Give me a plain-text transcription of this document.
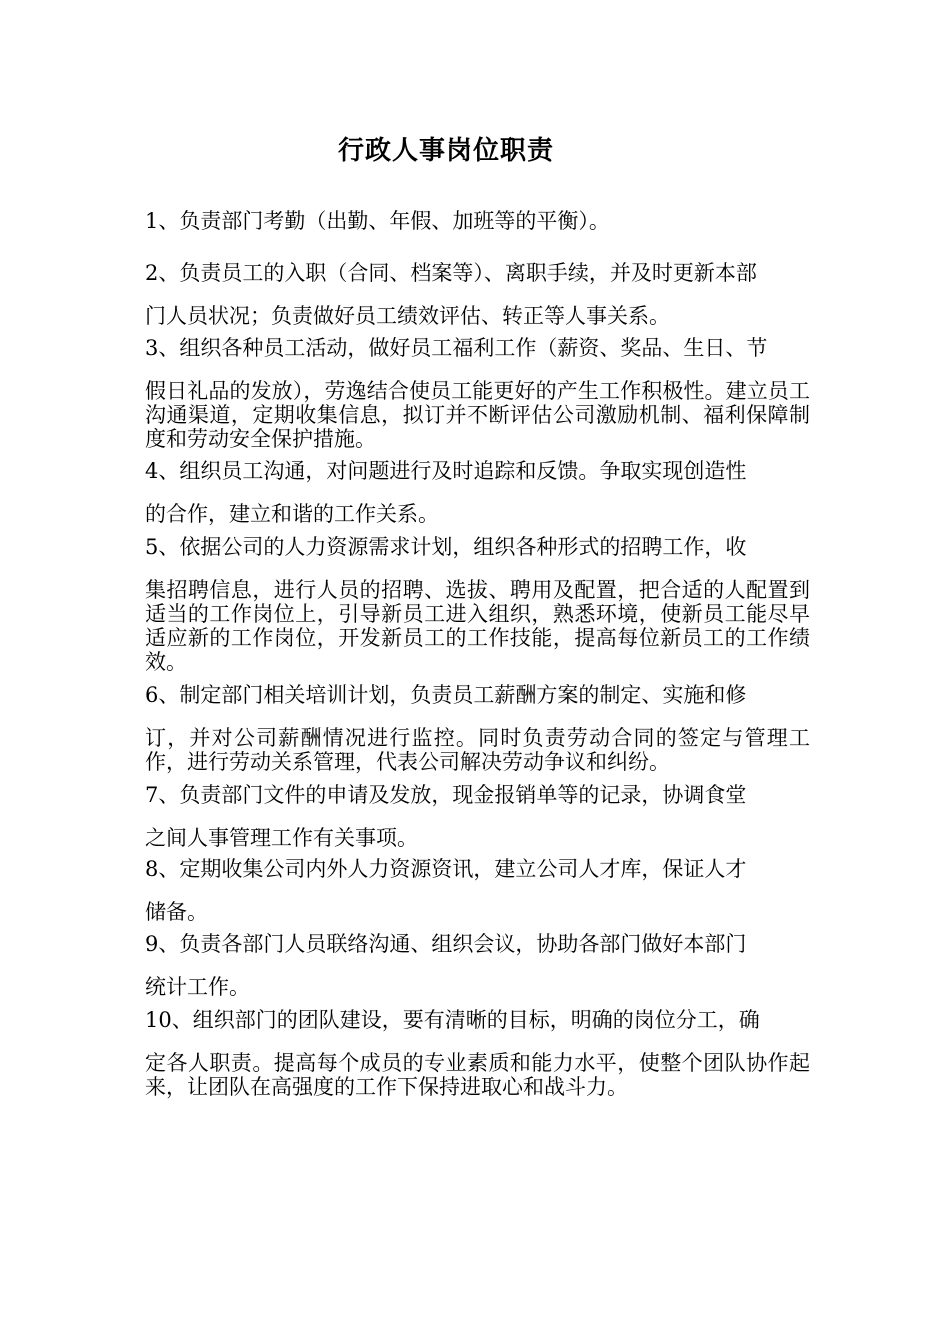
行政人事岗位职责
1、负责部门考勤（出勤、年假、加班等的平衡）。
2、负责员工的入职（合同、档案等）、离职手续，并及时更新本部
门人员状况；负责做好员工绩效评估、转正等人事关系。
3、组织各种员工活动，做好员工福利工作（薪资、奖品、生日、节
假日礼品的发放），劳逸结合使员工能更好的产生工作积极性。建立员工沟通渠道，定期收集信息，拟订并不断评估公司激励机制、福利保障制度和劳动安全保护措施。
4、组织员工沟通，对问题进行及时追踪和反馈。争取实现创造性
的合作，建立和谐的工作关系。
5、依据公司的人力资源需求计划，组织各种形式的招聘工作，收
集招聘信息，进行人员的招聘、选拔、聘用及配置，把合适的人配置到适当的工作岗位上，引导新员工进入组织，熟悉环境，使新员工能尽早适应新的工作岗位，开发新员工的工作技能，提高每位新员工的工作绩效。
6、制定部门相关培训计划，负责员工薪酬方案的制定、实施和修
订，并对公司薪酬情况进行监控。同时负责劳动合同的签定与管理工作，进行劳动关系管理，代表公司解决劳动争议和纠纷。
7、负责部门文件的申请及发放，现金报销单等的记录，协调食堂
之间人事管理工作有关事项。
8、定期收集公司内外人力资源资讯，建立公司人才库，保证人才
储备。
9、负责各部门人员联络沟通、组织会议，协助各部门做好本部门
统计工作。
10、组织部门的团队建设，要有清晰的目标，明确的岗位分工，确
定各人职责。提高每个成员的专业素质和能力水平，使整个团队协作起来，让团队在高强度的工作下保持进取心和战斗力。
